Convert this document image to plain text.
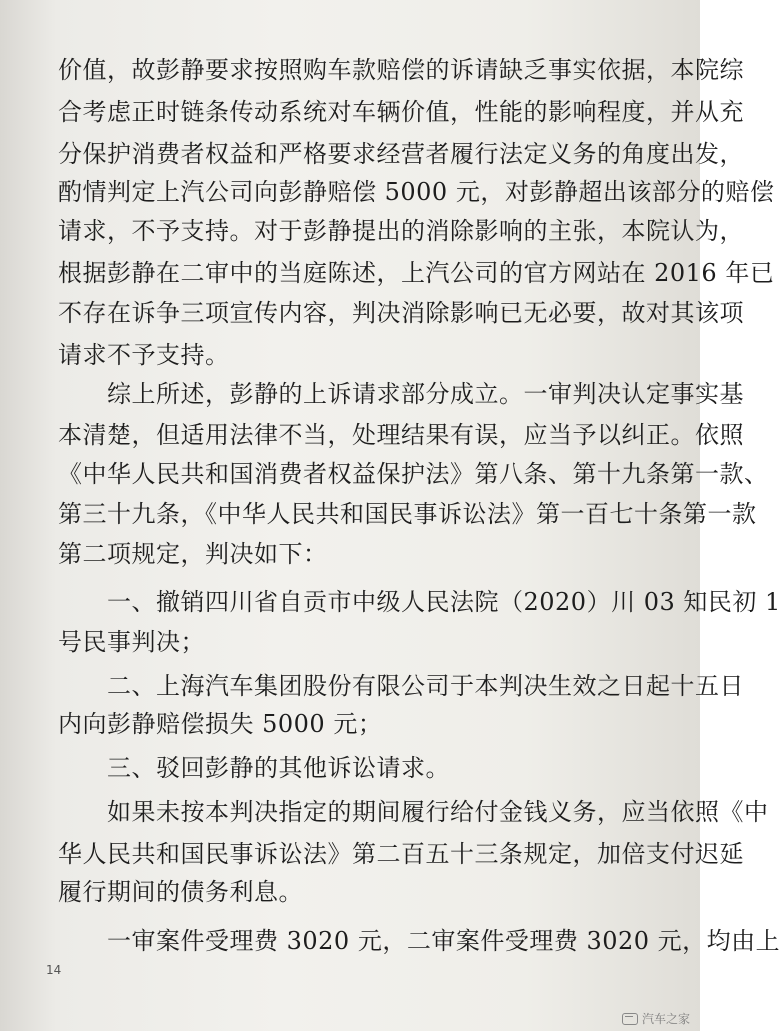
价值，故彭静要求按照购车款赔偿的诉请缺乏事实依据，本院综
合考虑正时链条传动系统对车辆价值，性能的影响程度，并从充
分保护消费者权益和严格要求经营者履行法定义务的角度出发，
酌情判定上汽公司向彭静赔偿 5000 元，对彭静超出该部分的赔偿
请求，不予支持。对于彭静提出的消除影响的主张，本院认为，
根据彭静在二审中的当庭陈述，上汽公司的官方网站在 2016 年已
不存在诉争三项宣传内容，判决消除影响已无必要，故对其该项
请求不予支持。
　　综上所述，彭静的上诉请求部分成立。一审判决认定事实基
本清楚，但适用法律不当，处理结果有误，应当予以纠正。依照
《中华人民共和国消费者权益保护法》第八条、第十九条第一款、
第三十九条，《中华人民共和国民事诉讼法》第一百七十条第一款
第二项规定，判决如下：
　　一、撤销四川省自贡市中级人民法院（2020）川 03 知民初 1
号民事判决；
　　二、上海汽车集团股份有限公司于本判决生效之日起十五日
内向彭静赔偿损失 5000 元；
　　三、驳回彭静的其他诉讼请求。
　　如果未按本判决指定的期间履行给付金钱义务，应当依照《中
华人民共和国民事诉讼法》第二百五十三条规定，加倍支付迟延
履行期间的债务利息。
　　一审案件受理费 3020 元，二审案件受理费 3020 元，均由上
14
汽车之家
